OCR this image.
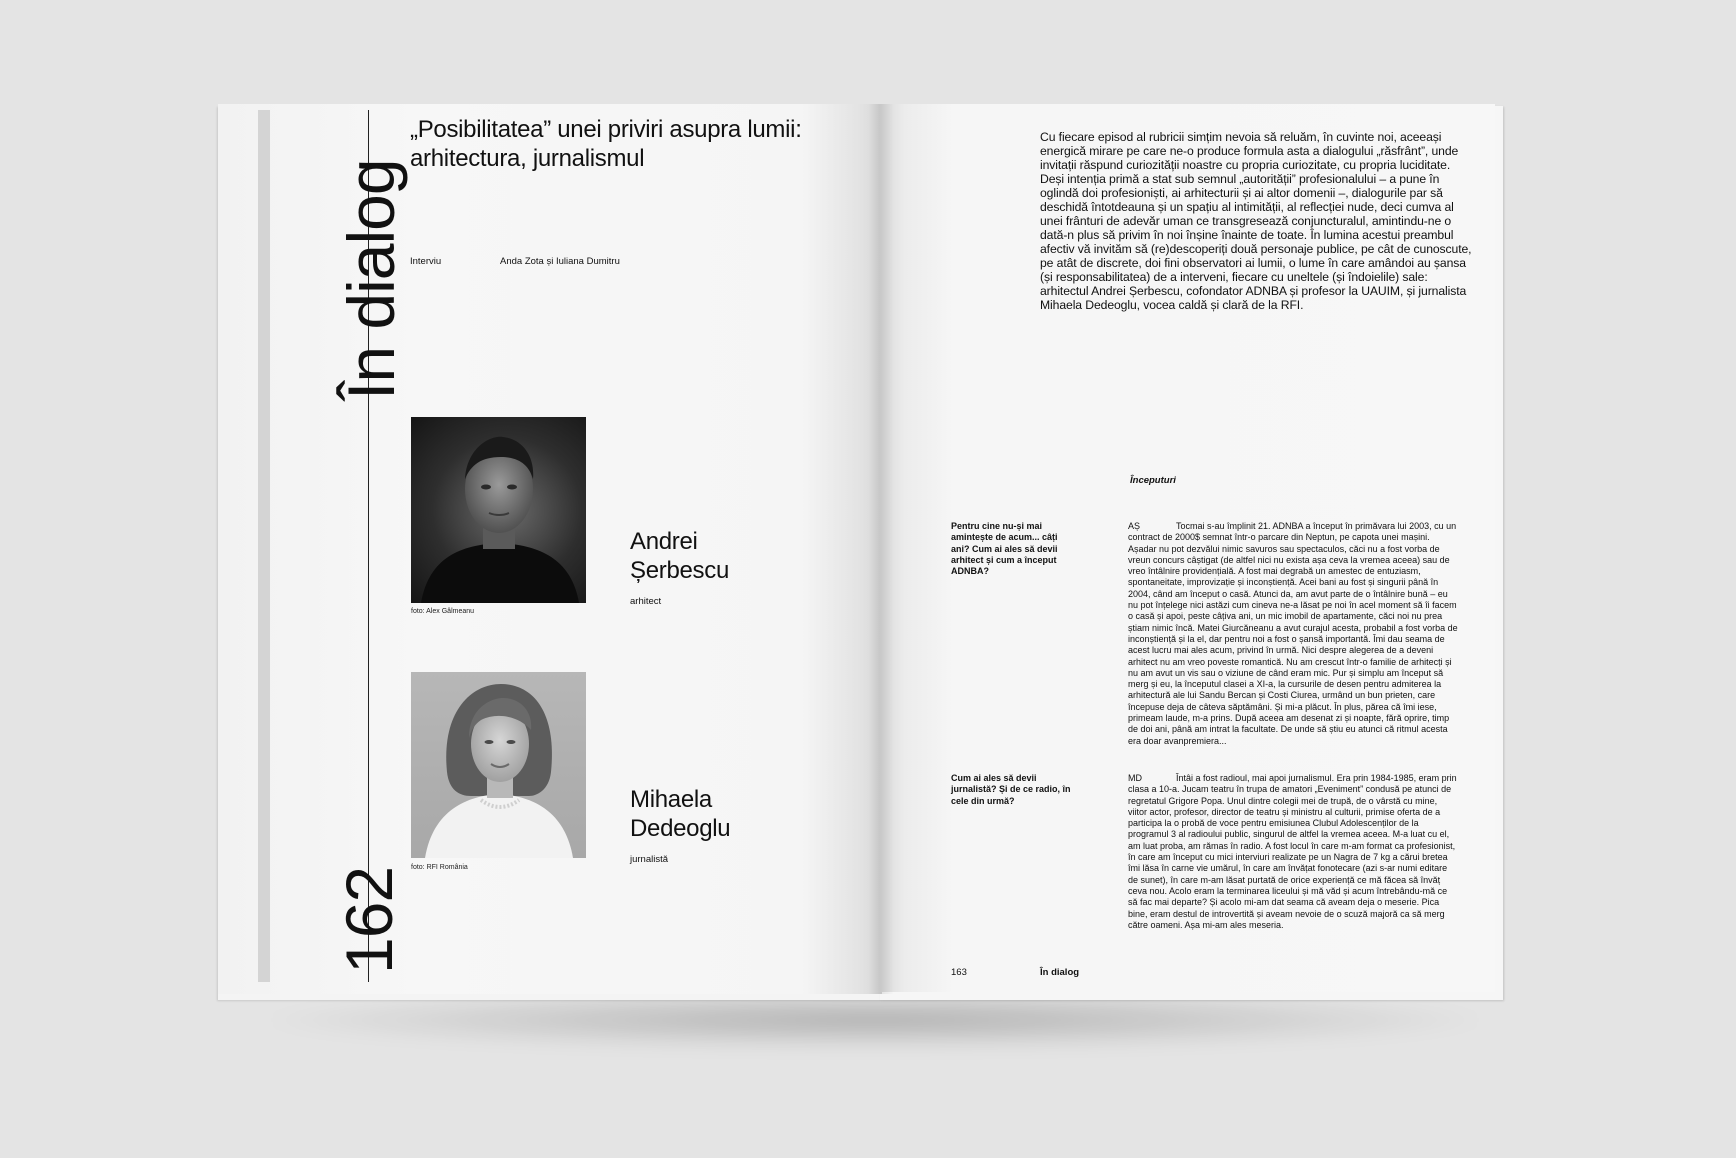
În dialog
162
„Posibilitatea” unei priviri asupra lumii: arhitectura, jurnalismul
Interviu	Anda Zota și Iuliana Dumitru
foto: Alex Gâlmeanu
Andrei
Șerbescu
arhitect
foto: RFI România
Mihaela
Dedeoglu
jurnalistă
Cu fiecare episod al rubricii simțim nevoia să reluăm, în cuvinte noi, aceeași energică mirare pe care ne-o produce formula asta a dialogului „răsfrânt”, unde invitații răspund curiozității noastre cu propria curiozitate, cu propria luciditate. Deși intenția primă a stat sub semnul „autorității” profesionalului – a pune în oglindă doi profesioniști, ai arhitecturii și ai altor domenii –, dialogurile par să deschidă întotdeauna și un spațiu al intimității, al reflecției nude, deci cumva al unei frânturi de adevăr uman ce transgresează conjuncturalul, amintindu-ne o dată-n plus să privim în noi înșine înainte de toate. În lumina acestui preambul afectiv vă invităm să (re)descoperiți două personaje publice, pe cât de cunoscute, pe atât de discrete, doi fini observatori ai lumii, o lume în care amândoi au șansa (și responsabilitatea) de a interveni, fiecare cu uneltele (și îndoielile) sale: arhitectul Andrei Șerbescu, cofondator ADNBA și profesor la UAUIM, și jurnalista Mihaela Dedeoglu, vocea caldă și clară de la RFI.
Începuturi
Pentru cine nu-și mai amintește de acum... câți ani? Cum ai ales să devii arhitect și cum a început ADNBA?
AȘ	Tocmai s-au împlinit 21. ADNBA a început în primăvara lui 2003, cu un contract de 2000$ semnat într-o parcare din Neptun, pe capota unei mașini. Așadar nu pot dezvălui nimic savuros sau spectaculos, căci nu a fost vorba de vreun concurs câștigat (de altfel nici nu exista așa ceva la vremea aceea) sau de vreo întâlnire providențială. A fost mai degrabă un amestec de entuziasm, spontaneitate, improvizație și inconștiență. Acei bani au fost și singurii până în 2004, când am început o casă. Atunci da, am avut parte de o întâlnire bună – eu nu pot înțelege nici astăzi cum cineva ne-a lăsat pe noi în acel moment să îi facem o casă și apoi, peste câțiva ani, un mic imobil de apartamente, căci noi nu prea știam nimic încă. Matei Giurcăneanu a avut curajul acesta, probabil a fost vorba de inconștiență și la el, dar pentru noi a fost o șansă importantă. Îmi dau seama de acest lucru mai ales acum, privind în urmă. Nici despre alegerea de a deveni arhitect nu am vreo poveste romantică. Nu am crescut într-o familie de arhitecți și nu am avut un vis sau o viziune de când eram mic. Pur și simplu am început să merg și eu, la începutul clasei a XI-a, la cursurile de desen pentru admiterea la arhitectură ale lui Sandu Bercan și Costi Ciurea, urmând un bun prieten, care începuse deja de câteva săptămâni. Și mi-a plăcut. În plus, părea că îmi iese, primeam laude, m-a prins. După aceea am desenat zi și noapte, fără oprire, timp de doi ani, până am intrat la facultate. De unde să știu eu atunci că ritmul acesta era doar avanpremiera...
Cum ai ales să devii jurnalistă? Și de ce radio, în cele din urmă?
MD	Întâi a fost radioul, mai apoi jurnalismul. Era prin 1984-1985, eram prin clasa a 10-a. Jucam teatru în trupa de amatori „Eveniment” condusă pe atunci de regretatul Grigore Popa. Unul dintre colegii mei de trupă, de o vârstă cu mine, viitor actor, profesor, director de teatru și ministru al culturii, primise oferta de a participa la o probă de voce pentru emisiunea Clubul Adolescenților de la programul 3 al radioului public, singurul de altfel la vremea aceea. M-a luat cu el, am luat proba, am rămas în radio. A fost locul în care m-am format ca profesionist, în care am început cu mici interviuri realizate pe un Nagra de 7 kg a cărui bretea îmi lăsa în carne vie umărul, în care am învățat fonotecare (azi s-ar numi editare de sunet), în care m-am lăsat purtată de orice experiență ce mă făcea să învăț ceva nou. Acolo eram la terminarea liceului și mă văd și acum întrebându-mă ce să fac mai departe? Și acolo mi-am dat seama că aveam deja o meserie. Pica bine, eram destul de introvertită și aveam nevoie de o scuză majoră ca să merg către oameni. Așa mi-am ales meseria.
163	În dialog
